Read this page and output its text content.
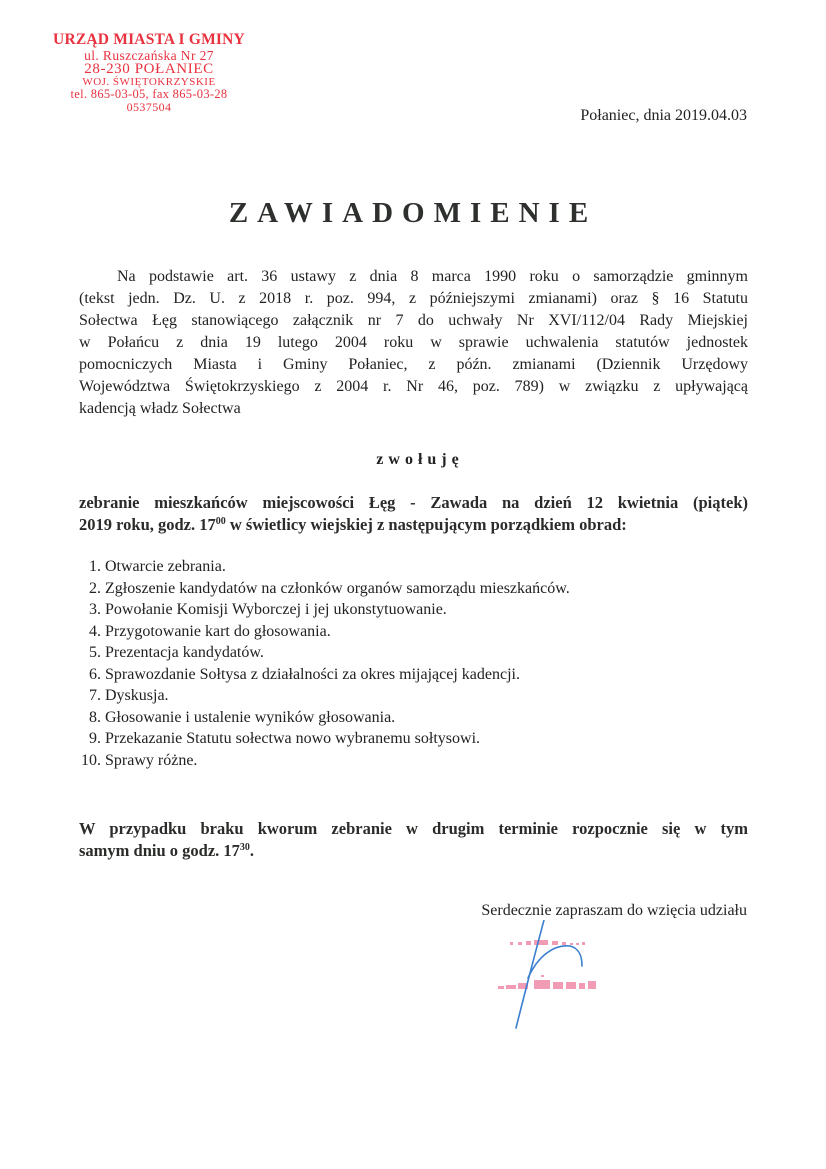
URZĄD MIASTA I GMINY
ul. Ruszczańska Nr 27
28-230 POŁANIEC
WOJ. ŚWIĘTOKRZYSKIE
tel. 865-03-05, fax 865-03-28
0537504
Połaniec, dnia 2019.04.03
ZAWIADOMIENIE
Na podstawie art. 36 ustawy z dnia 8 marca 1990 roku o samorządzie gminnym
(tekst jedn. Dz. U. z 2018 r. poz. 994, z późniejszymi zmianami) oraz § 16 Statutu
Sołectwa Łęg stanowiącego załącznik nr 7 do uchwały Nr XVI/112/04 Rady Miejskiej
w Połańcu z dnia 19 lutego 2004 roku w sprawie uchwalenia statutów jednostek
pomocniczych Miasta i Gminy Połaniec, z późn. zmianami (Dziennik Urzędowy
Województwa Świętokrzyskiego z 2004 r. Nr 46, poz. 789) w związku z upływającą
kadencją władz Sołectwa
zwołuję
zebranie mieszkańców miejscowości Łęg - Zawada na dzień 12 kwietnia (piątek)
2019 roku, godz. $17^{00}$ w świetlicy wiejskiej z następującym porządkiem obrad:
1. Otwarcie zebrania.
2. Zgłoszenie kandydatów na członków organów samorządu mieszkańców.
3. Powołanie Komisji Wyborczej i jej ukonstytuowanie.
4. Przygotowanie kart do głosowania.
5. Prezentacja kandydatów.
6. Sprawozdanie Sołtysa z działalności za okres mijającej kadencji.
7. Dyskusja.
8. Głosowanie i ustalenie wyników głosowania.
9. Przekazanie Statutu sołectwa nowo wybranemu sołtysowi.
10. Sprawy różne.
W przypadku braku kworum zebranie w drugim terminie rozpocznie się w tym
samym dniu o godz. $17^{30}$.
Serdecznie zapraszam do wzięcia udziału
